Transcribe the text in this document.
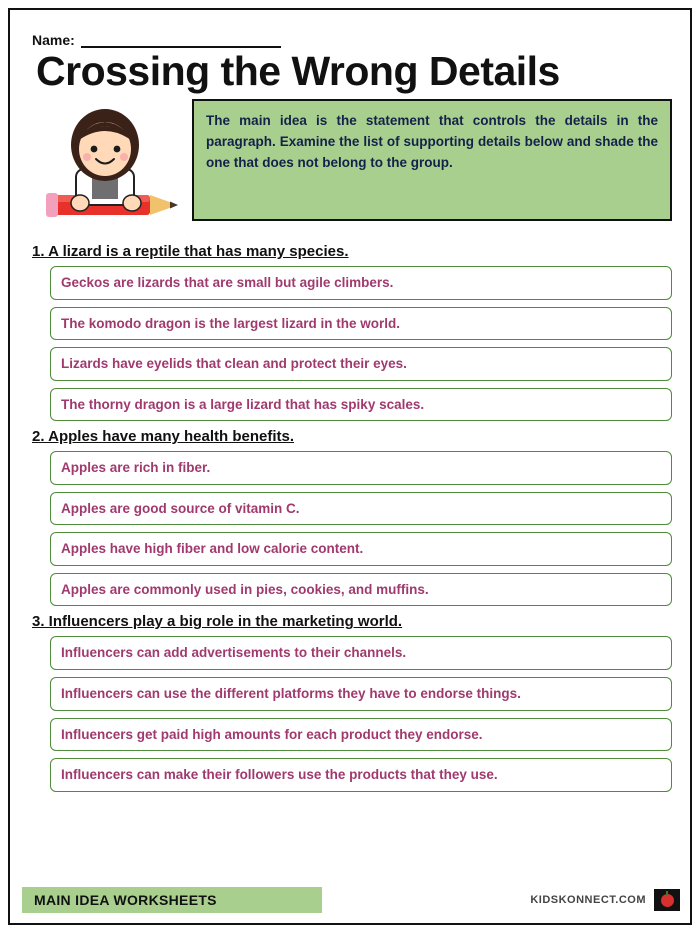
Name:
Crossing the Wrong Details

The main idea is the statement that controls the details in the paragraph. Examine the list of supporting details below and shade the one that does not belong to the group.

1. A lizard is a reptile that has many species.
Geckos are lizards that are small but agile climbers.
The komodo dragon is the largest lizard in the world.
Lizards have eyelids that clean and protect their eyes.
The thorny dragon is a large lizard that has spiky scales.
2. Apples have many health benefits.
Apples are rich in fiber.
Apples are good source of vitamin C.
Apples have high fiber and low calorie content.
Apples are commonly used in pies, cookies, and muffins.
3. Influencers play a big role in the marketing world.
Influencers can add advertisements to their channels.
Influencers can use the different platforms they have to endorse things.
Influencers get paid high amounts for each product they endorse.
Influencers can make their followers use the products that they use.
MAIN IDEA WORKSHEETS	KIDSKONNECT.COM
